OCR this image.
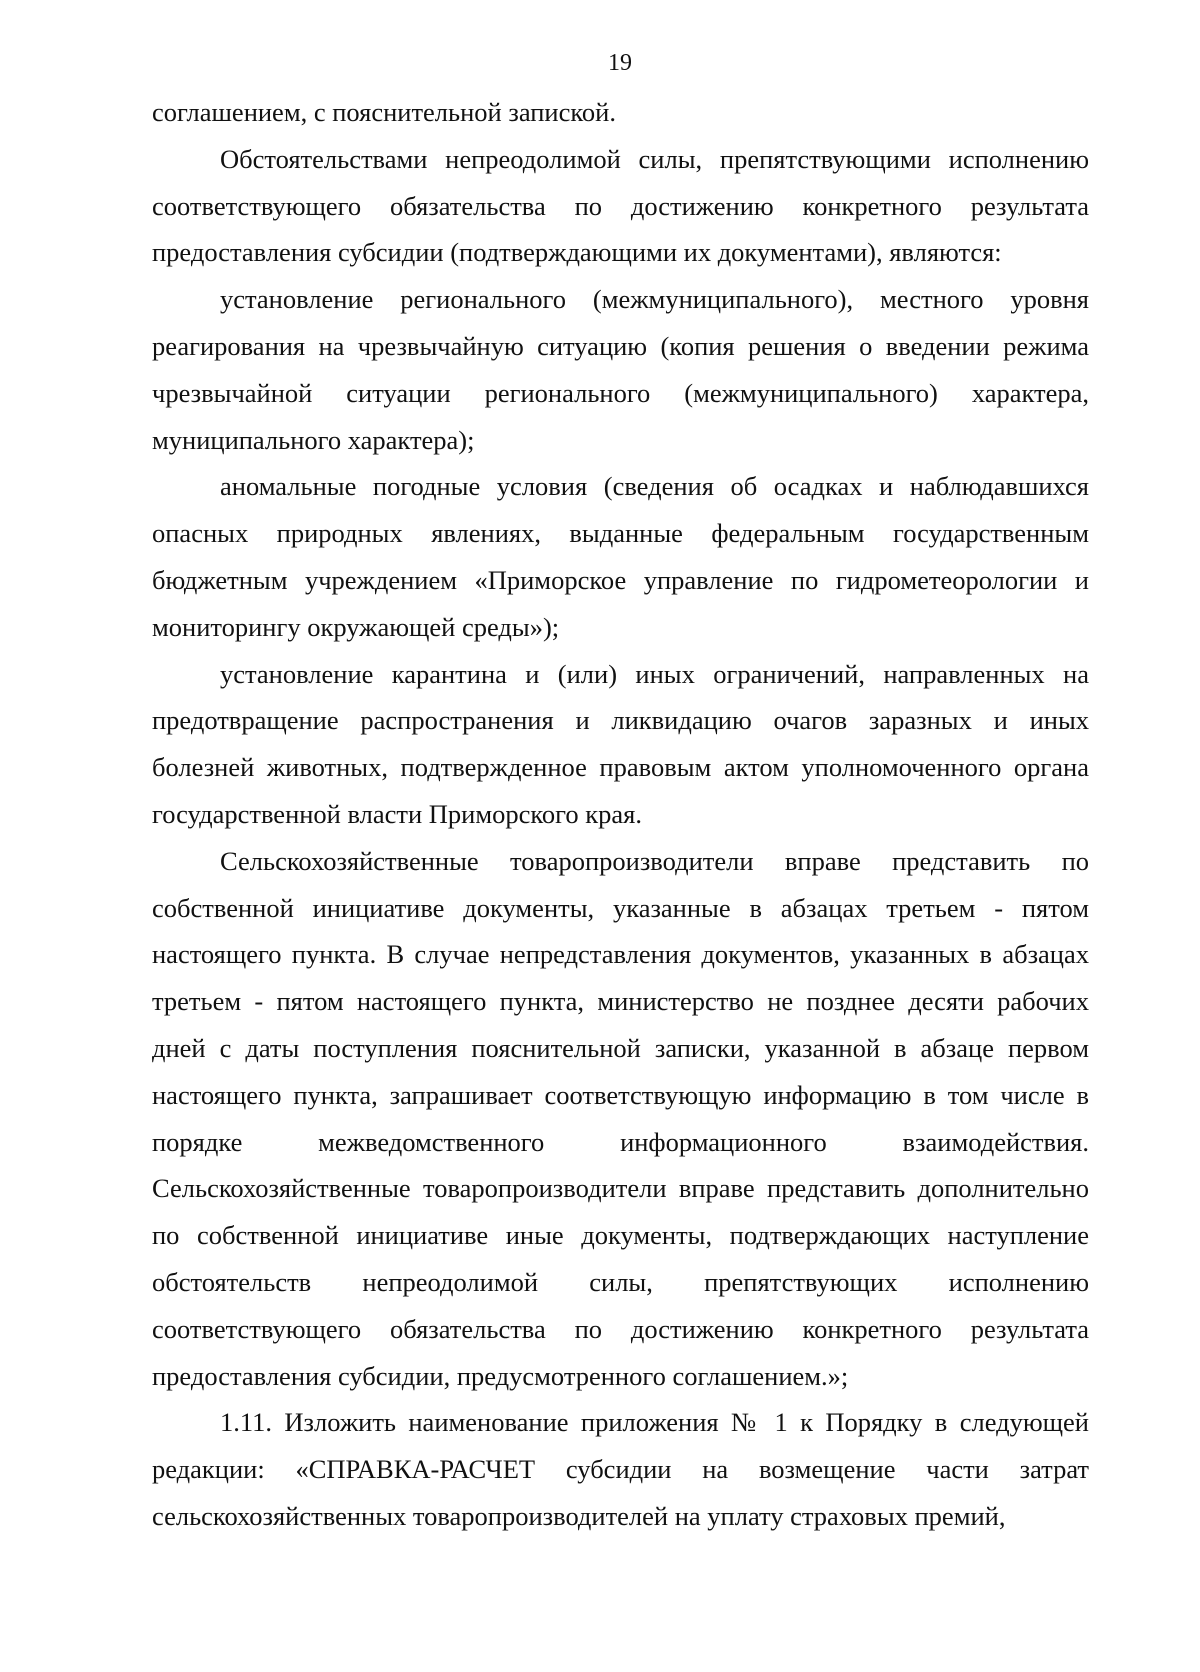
19

соглашением, с пояснительной запиской.

Обстоятельствами непреодолимой силы, препятствующими исполнению соответствующего обязательства по достижению конкретного результата предоставления субсидии (подтверждающими их документами), являются:

установление регионального (межмуниципального), местного уровня реагирования на чрезвычайную ситуацию (копия решения о введении режима чрезвычайной ситуации регионального (межмуниципального) характера, муниципального характера);

аномальные погодные условия (сведения об осадках и наблюдавшихся опасных природных явлениях, выданные федеральным государственным бюджетным учреждением «Приморское управление по гидрометеорологии и мониторингу окружающей среды»);

установление карантина и (или) иных ограничений, направленных на предотвращение распространения и ликвидацию очагов заразных и иных болезней животных, подтвержденное правовым актом уполномоченного органа государственной власти Приморского края.

Сельскохозяйственные товаропроизводители вправе представить по собственной инициативе документы, указанные в абзацах третьем - пятом настоящего пункта. В случае непредставления документов, указанных в абзацах третьем - пятом настоящего пункта, министерство не позднее десяти рабочих дней с даты поступления пояснительной записки, указанной в абзаце первом настоящего пункта, запрашивает соответствующую информацию в том числе в порядке межведомственного информационного взаимодействия. Сельскохозяйственные товаропроизводители вправе представить дополнительно по собственной инициативе иные документы, подтверждающих наступление обстоятельств непреодолимой силы, препятствующих исполнению соответствующего обязательства по достижению конкретного результата предоставления субсидии, предусмотренного соглашением.»;

1.11. Изложить наименование приложения № 1 к Порядку в следующей редакции: «СПРАВКА-РАСЧЕТ субсидии на возмещение части затрат сельскохозяйственных товаропроизводителей на уплату страховых премий,
